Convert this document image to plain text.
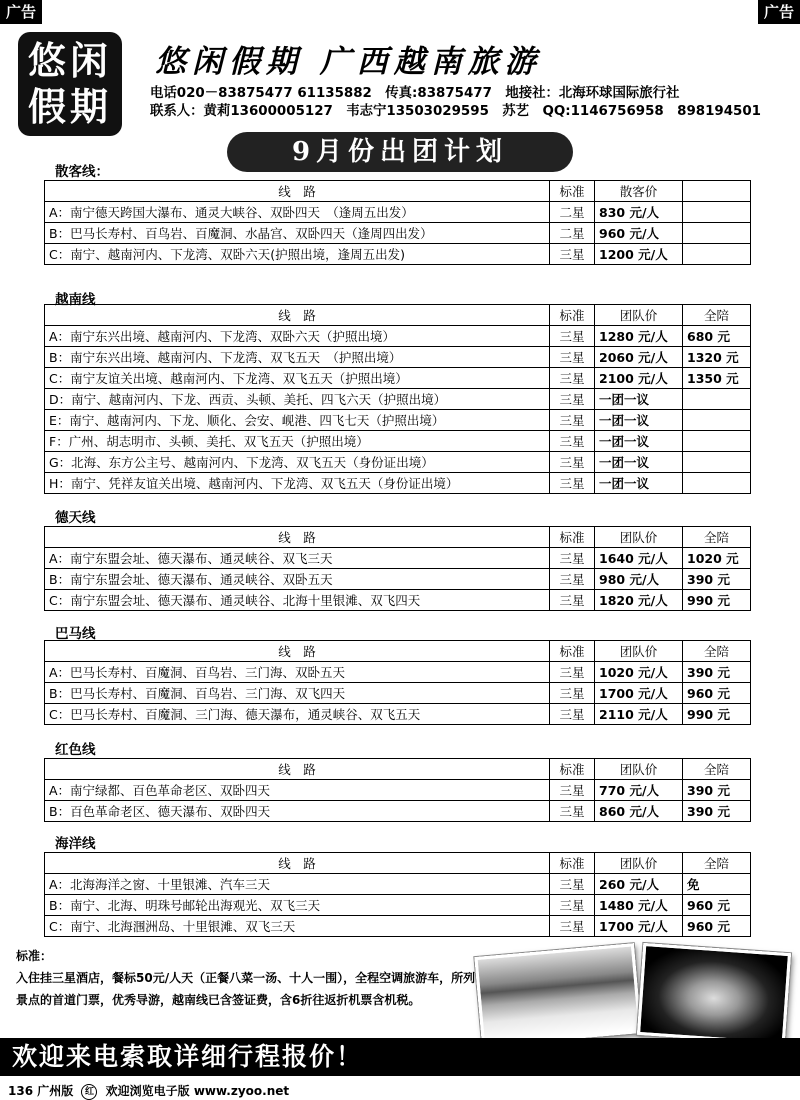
广告	广告
悠闲
假期
悠闲假期 广西越南旅游
电话020－83875477 61135882　传真:83875477　地接社：北海环球国际旅行社
联系人：黄莉13600005127　韦志宁13503029595　苏艺　QQ:1146756958　898194501
9月份出团计划
散客线：
线　路	标准	散客价	
A：南宁德天跨国大瀑布、通灵大峡谷、双卧四天　（逢周五出发）	二星	830 元/人	
B：巴马长寿村、百鸟岩、百魔洞、水晶宫、双卧四天（逢周四出发）	二星	960 元/人	
C：南宁、越南河内、下龙湾、双卧六天(护照出境，逢周五出发)	三星	1200 元/人	
越南线
线　路	标准	团队价	全陪
A：南宁东兴出境、越南河内、下龙湾、双卧六天（护照出境）	三星	1280 元/人	680 元
B：南宁东兴出境、越南河内、下龙湾、双飞五天　（护照出境）	三星	2060 元/人	1320 元
C：南宁友谊关出境、越南河内、下龙湾、双飞五天（护照出境）	三星	2100 元/人	1350 元
D：南宁、越南河内、下龙、西贡、头顿、美托、四飞六天（护照出境）	三星	一团一议	
E：南宁、越南河内、下龙、顺化、会安、岘港、四飞七天（护照出境）	三星	一团一议	
F：广州、胡志明市、头顿、美托、双飞五天（护照出境）	三星	一团一议	
G：北海、东方公主号、越南河内、下龙湾、双飞五天（身份证出境）	三星	一团一议	
H：南宁、凭祥友谊关出境、越南河内、下龙湾、双飞五天（身份证出境）	三星	一团一议	
德天线
线　路	标准	团队价	全陪
A：南宁东盟会址、德天瀑布、通灵峡谷、双飞三天	三星	1640 元/人	1020 元
B：南宁东盟会址、德天瀑布、通灵峡谷、双卧五天	三星	980 元/人	390 元
C：南宁东盟会址、德天瀑布、通灵峡谷、北海十里银滩、双飞四天	三星	1820 元/人	990 元
巴马线
线　路	标准	团队价	全陪
A：巴马长寿村、百魔洞、百鸟岩、三门海、双卧五天	三星	1020 元/人	390 元
B：巴马长寿村、百魔洞、百鸟岩、三门海、双飞四天	三星	1700 元/人	960 元
C：巴马长寿村、百魔洞、三门海、德天瀑布，通灵峡谷、双飞五天	三星	2110 元/人	990 元
红色线
线　路	标准	团队价	全陪
A：南宁绿都、百色革命老区、双卧四天	三星	770 元/人	390 元
B：百色革命老区、德天瀑布、双卧四天	三星	860 元/人	390 元
海洋线
线　路	标准	团队价	全陪
A：北海海洋之窗、十里银滩、汽车三天	三星	260 元/人	免
B：南宁、北海、明珠号邮轮出海观光、双飞三天	三星	1480 元/人	960 元
C：南宁、北海涠洲岛、十里银滩、双飞三天	三星	1700 元/人	960 元
标准：
入住挂三星酒店，餐标50元/人天（正餐八菜一汤、十人一围），全程空调旅游车，所列景点的首道门票，优秀导游，越南线已含签证费，含6折往返折机票含机税。
欢迎来电索取详细行程报价！
136 广州版 红 欢迎浏览电子版 www.zyoo.net
